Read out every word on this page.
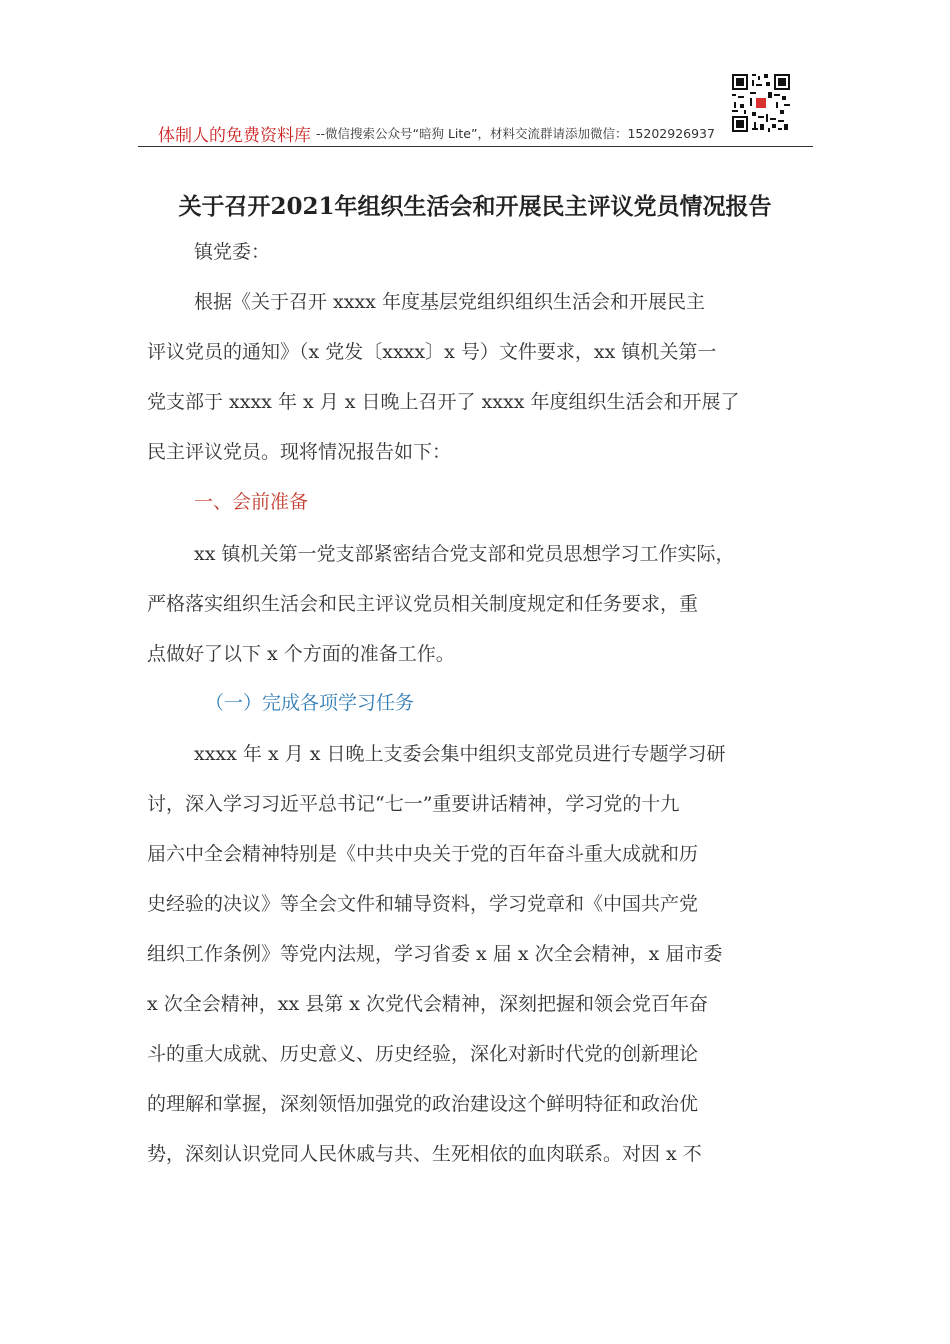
体制人的免费资料库 --微信搜索公众号“暗狗 Lite”，材料交流群请添加微信：15202926937
关于召开2021年组织生活会和开展民主评议党员情况报告
镇党委：
根据《关于召开 xxxx 年度基层党组织组织生活会和开展民主
评议党员的通知》（x 党发〔xxxx〕x 号）文件要求，xx 镇机关第一
党支部于 xxxx 年 x 月 x 日晚上召开了 xxxx 年度组织生活会和开展了
民主评议党员。现将情况报告如下：
一、会前准备
xx 镇机关第一党支部紧密结合党支部和党员思想学习工作实际，
严格落实组织生活会和民主评议党员相关制度规定和任务要求，重
点做好了以下 x 个方面的准备工作。
（一）完成各项学习任务
xxxx 年 x 月 x 日晚上支委会集中组织支部党员进行专题学习研
讨，深入学习习近平总书记“七一”重要讲话精神，学习党的十九
届六中全会精神特别是《中共中央关于党的百年奋斗重大成就和历
史经验的决议》等全会文件和辅导资料，学习党章和《中国共产党
组织工作条例》等党内法规，学习省委 x 届 x 次全会精神，x 届市委
x 次全会精神，xx 县第 x 次党代会精神，深刻把握和领会党百年奋
斗的重大成就、历史意义、历史经验，深化对新时代党的创新理论
的理解和掌握，深刻领悟加强党的政治建设这个鲜明特征和政治优
势，深刻认识党同人民休戚与共、生死相依的血肉联系。对因 x 不
